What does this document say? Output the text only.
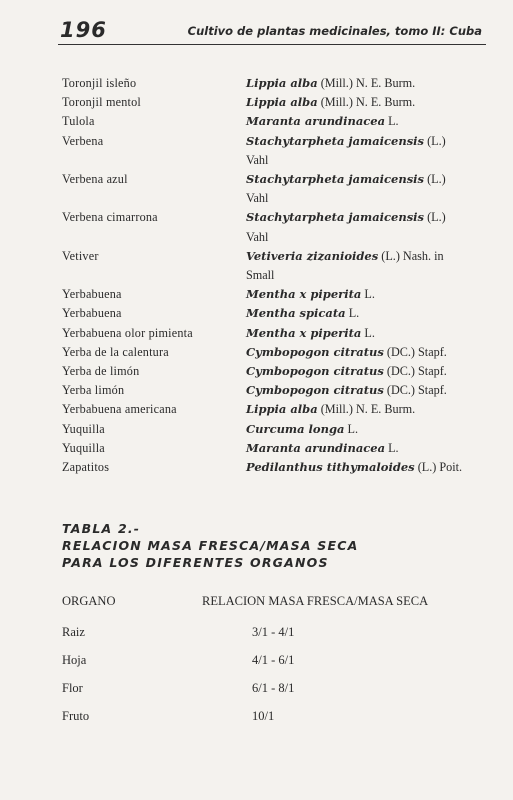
196	Cultivo de plantas medicinales, tomo II: Cuba
Toronjil isleño	Lippia alba (Mill.) N. E. Burm.
Toronjil mentol	Lippia alba (Mill.) N. E. Burm.
Tulola	Maranta arundinacea L.
Verbena	Stachytarpheta jamaicensis (L.)
Vahl
Verbena azul	Stachytarpheta jamaicensis (L.)
Vahl
Verbena cimarrona	Stachytarpheta jamaicensis (L.)
Vahl
Vetiver	Vetiveria zizanioides (L.) Nash. in
Small
Yerbabuena	Mentha x piperita L.
Yerbabuena	Mentha spicata L.
Yerbabuena olor pimienta	Mentha x piperita L.
Yerba de la calentura	Cymbopogon citratus (DC.) Stapf.
Yerba de limón	Cymbopogon citratus (DC.) Stapf.
Yerba limón	Cymbopogon citratus (DC.) Stapf.
Yerbabuena americana	Lippia alba (Mill.) N. E. Burm.
Yuquilla	Curcuma longa L.
Yuquilla	Maranta arundinacea L.
Zapatitos	Pedilanthus tithymaloides (L.) Poit.
TABLA 2.-
RELACION MASA FRESCA/MASA SECA
PARA LOS DIFERENTES ORGANOS
ORGANO	RELACION MASA FRESCA/MASA SECA
Raiz	3/1 - 4/1
Hoja	4/1 - 6/1
Flor	6/1 - 8/1
Fruto	10/1
